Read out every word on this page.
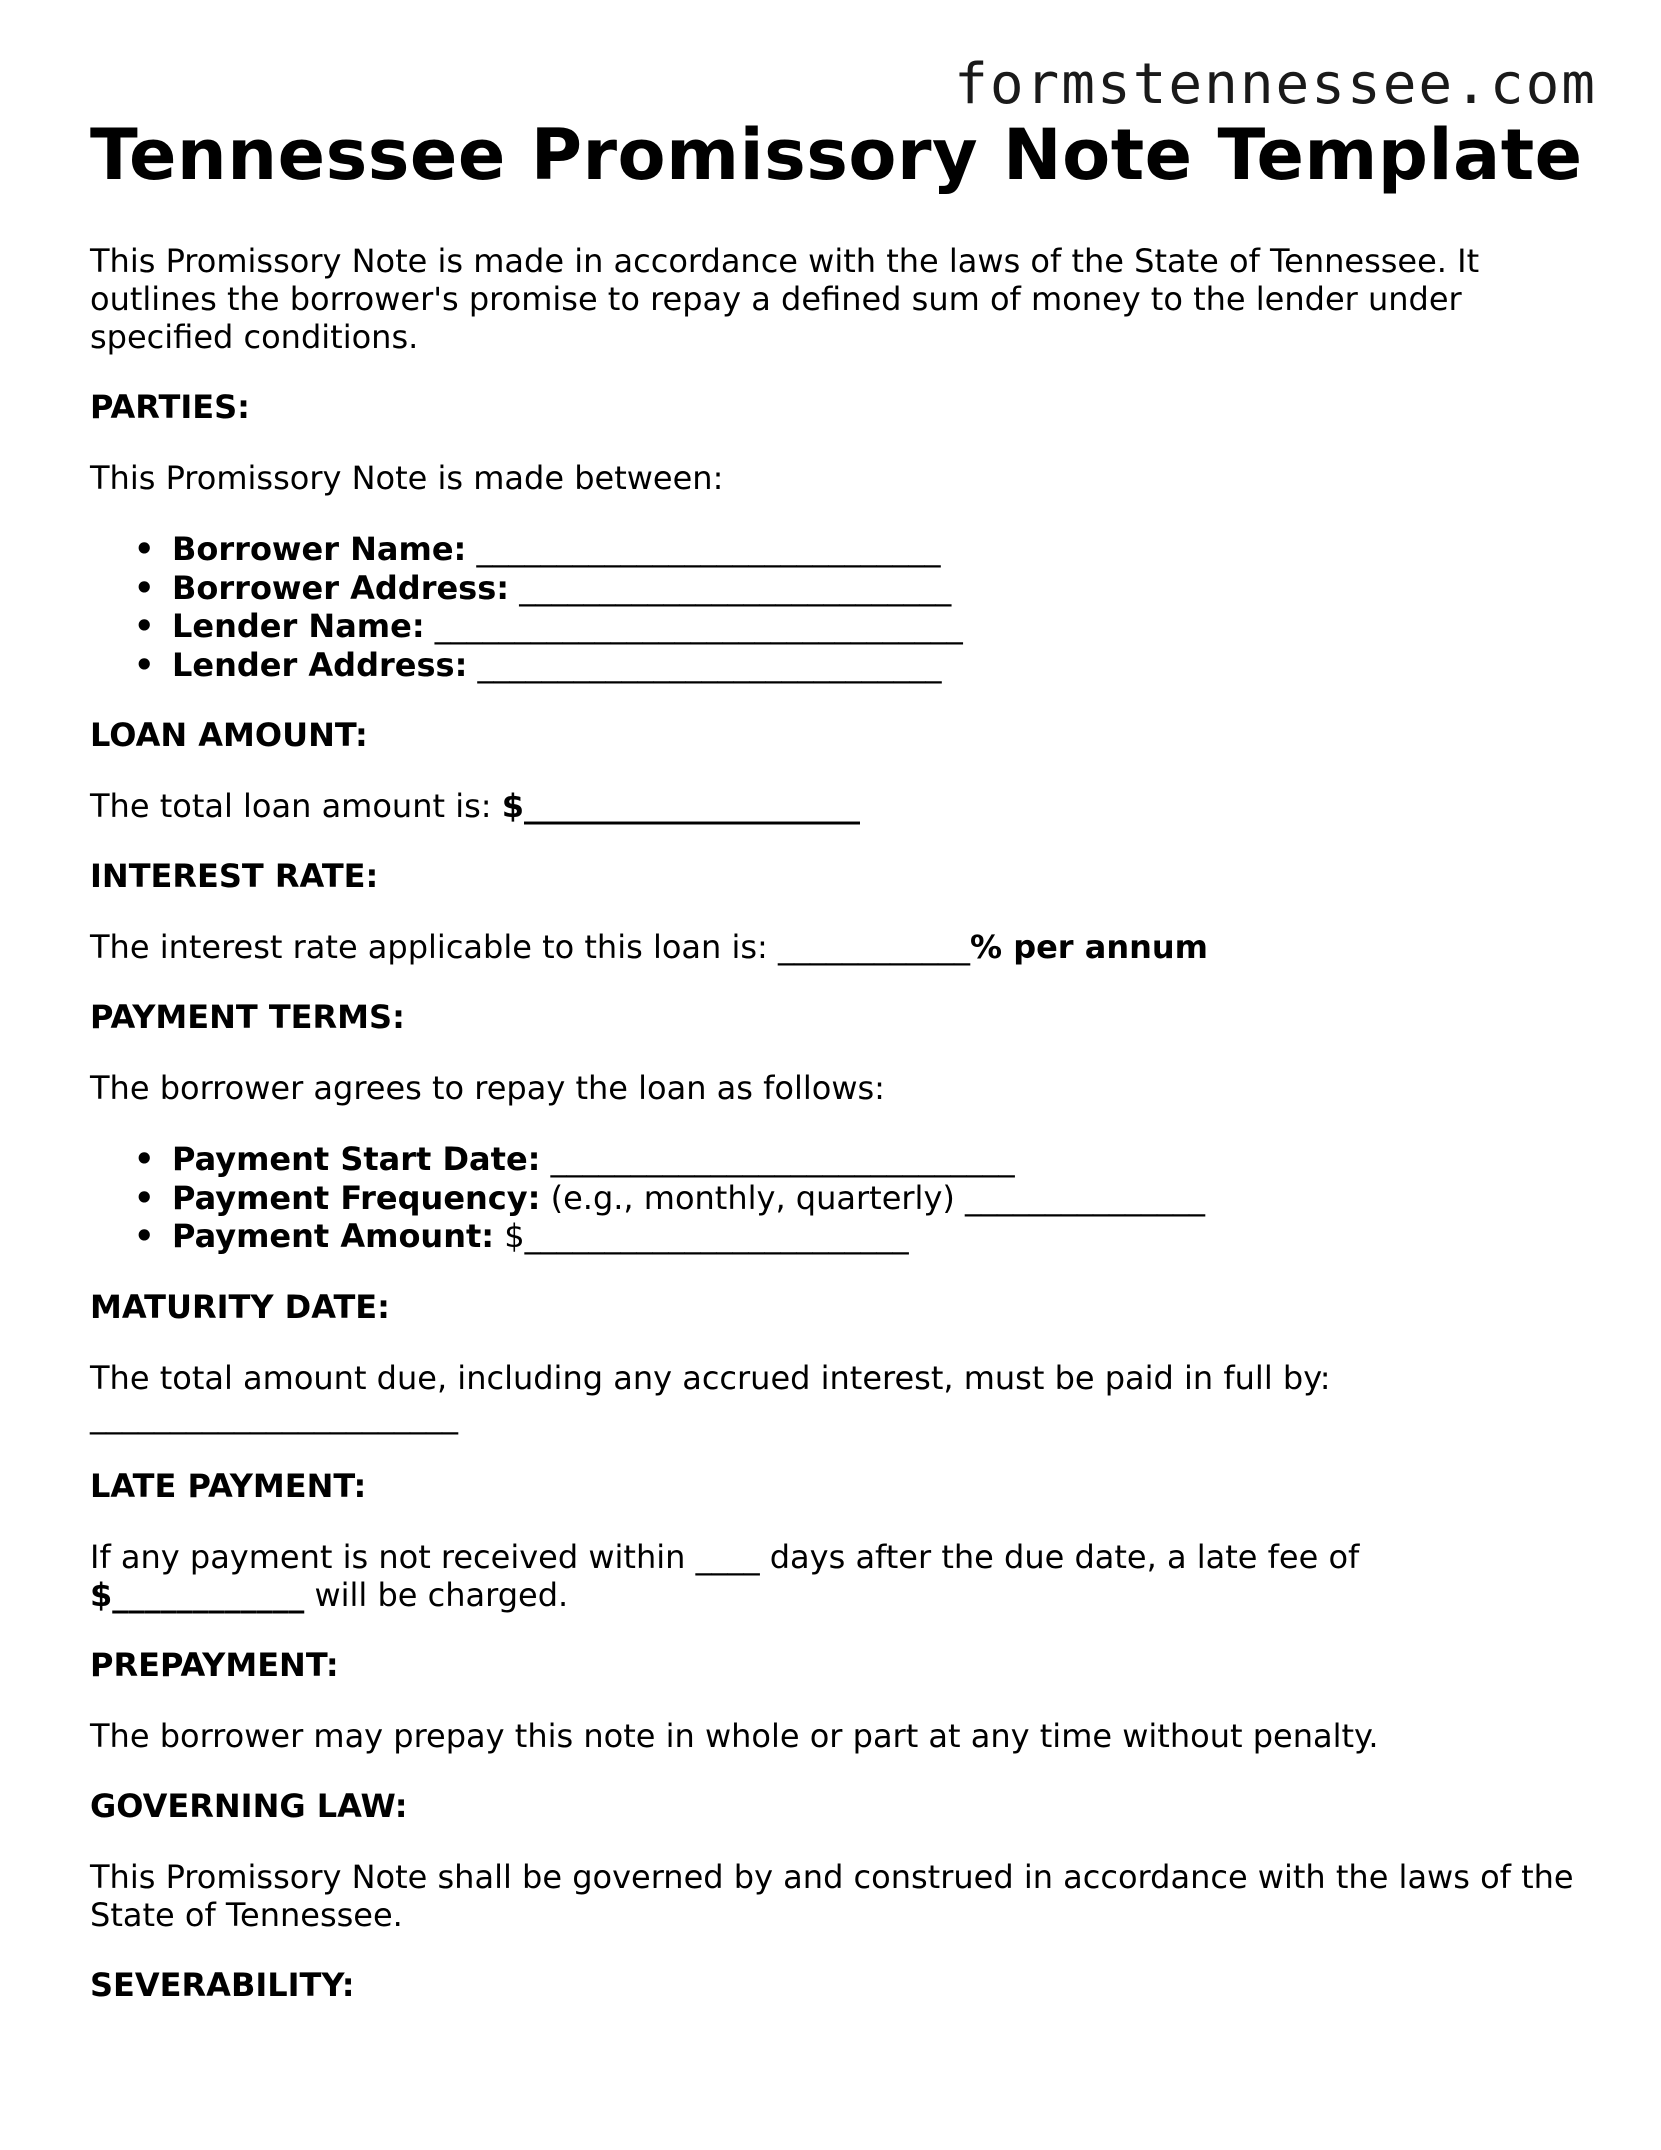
formstennessee.com
Tennessee Promissory Note Template

This Promissory Note is made in accordance with the laws of the State of Tennessee. It outlines the borrower's promise to repay a defined sum of money to the lender under specified conditions.

PARTIES:

This Promissory Note is made between:

• Borrower Name: _____________________________
• Borrower Address: ___________________________
• Lender Name: _________________________________
• Lender Address: _____________________________

LOAN AMOUNT:

The total loan amount is: $_____________________

INTEREST RATE:

The interest rate applicable to this loan is: ____________% per annum

PAYMENT TERMS:

The borrower agrees to repay the loan as follows:

• Payment Start Date: _____________________________
• Payment Frequency: (e.g., monthly, quarterly) _______________
• Payment Amount: $________________________

MATURITY DATE:

The total amount due, including any accrued interest, must be paid in full by:

_______________________

LATE PAYMENT:

If any payment is not received within ____ days after the due date, a late fee of

$____________ will be charged.

PREPAYMENT:

The borrower may prepay this note in whole or part at any time without penalty.

GOVERNING LAW:

This Promissory Note shall be governed by and construed in accordance with the laws of the State of Tennessee.

SEVERABILITY:
